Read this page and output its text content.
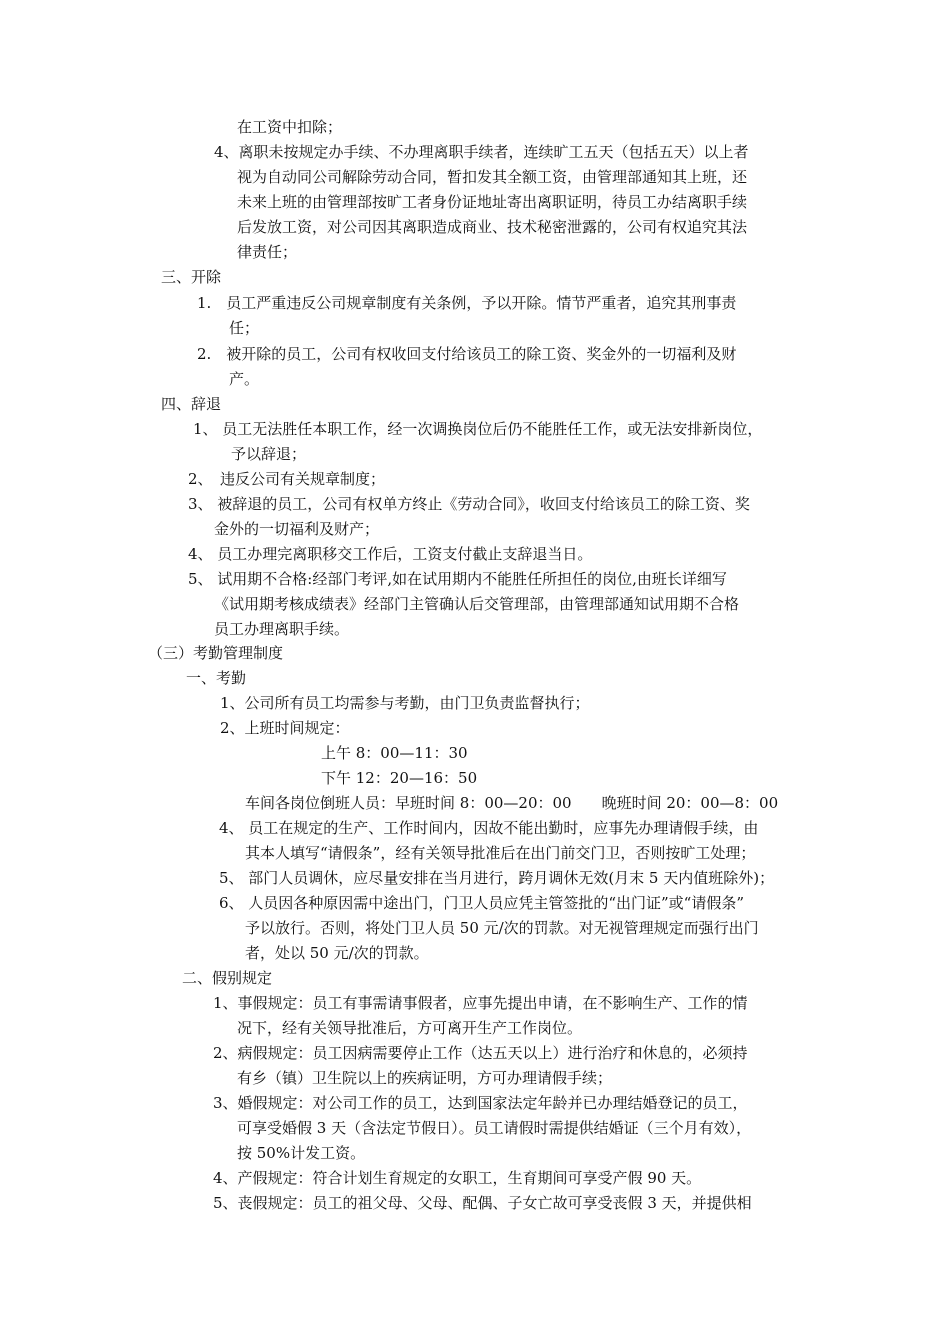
在工资中扣除；
4、离职未按规定办手续、不办理离职手续者，连续旷工五天（包括五天）以上者
视为自动同公司解除劳动合同，暂扣发其全额工资，由管理部通知其上班，还
未来上班的由管理部按旷工者身份证地址寄出离职证明，待员工办结离职手续
后发放工资，对公司因其离职造成商业、技术秘密泄露的，公司有权追究其法
律责任；
三、开除
1.　员工严重违反公司规章制度有关条例，予以开除。情节严重者，追究其刑事责
任；
2.　被开除的员工，公司有权收回支付给该员工的除工资、奖金外的一切福利及财
产。
四、辞退
1、 员工无法胜任本职工作，经一次调换岗位后仍不能胜任工作，或无法安排新岗位，
予以辞退；
2、　违反公司有关规章制度；
3、 被辞退的员工，公司有权单方终止《劳动合同》，收回支付给该员工的除工资、奖
金外的一切福利及财产；
4、 员工办理完离职移交工作后，工资支付截止支辞退当日。
5、 试用期不合格:经部门考评,如在试用期内不能胜任所担任的岗位,由班长详细写
《试用期考核成绩表》经部门主管确认后交管理部，由管理部通知试用期不合格
员工办理离职手续。
（三）考勤管理制度
一、考勤
1、公司所有员工均需参与考勤，由门卫负责监督执行；
2、上班时间规定：
上午 8：00—11：30
下午 12：20—16：50
车间各岗位倒班人员：早班时间 8：00—20：00　　晚班时间 20：00—8：00
4、 员工在规定的生产、工作时间内，因故不能出勤时，应事先办理请假手续，由
其本人填写“请假条”，经有关领导批准后在出门前交门卫，否则按旷工处理；
5、 部门人员调休，应尽量安排在当月进行，跨月调休无效(月末 5 天内值班除外)；
6、 人员因各种原因需中途出门，门卫人员应凭主管签批的“出门证”或“请假条”
予以放行。否则，将处门卫人员 50 元/次的罚款。对无视管理规定而强行出门
者，处以 50 元/次的罚款。
二、假别规定
1、事假规定：员工有事需请事假者，应事先提出申请，在不影响生产、工作的情
况下，经有关领导批准后，方可离开生产工作岗位。
2、病假规定：员工因病需要停止工作（达五天以上）进行治疗和休息的，必须持
有乡（镇）卫生院以上的疾病证明，方可办理请假手续；
3、婚假规定：对公司工作的员工，达到国家法定年龄并已办理结婚登记的员工，
可享受婚假 3 天（含法定节假日）。员工请假时需提供结婚证（三个月有效），
按 50%计发工资。
4、产假规定：符合计划生育规定的女职工，生育期间可享受产假 90 天。
5、丧假规定：员工的祖父母、父母、配偶、子女亡故可享受丧假 3 天，并提供相
